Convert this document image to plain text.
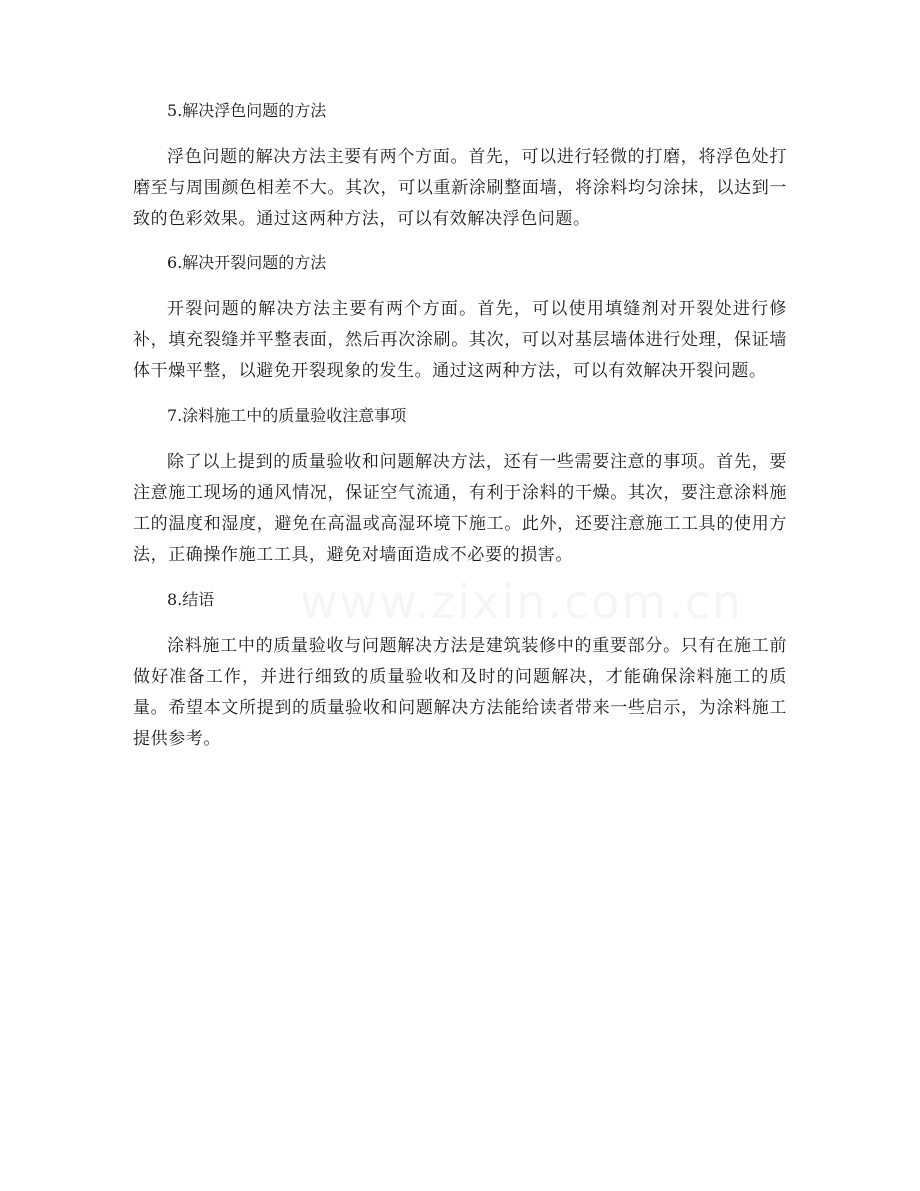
5.解决浮色问题的方法

浮色问题的解决方法主要有两个方面。首先，可以进行轻微的打磨，将浮色处打磨至与周围颜色相差不大。其次，可以重新涂刷整面墙，将涂料均匀涂抹，以达到一致的色彩效果。通过这两种方法，可以有效解决浮色问题。

6.解决开裂问题的方法

开裂问题的解决方法主要有两个方面。首先，可以使用填缝剂对开裂处进行修补，填充裂缝并平整表面，然后再次涂刷。其次，可以对基层墙体进行处理，保证墙体干燥平整，以避免开裂现象的发生。通过这两种方法，可以有效解决开裂问题。

7.涂料施工中的质量验收注意事项

除了以上提到的质量验收和问题解决方法，还有一些需要注意的事项。首先，要注意施工现场的通风情况，保证空气流通，有利于涂料的干燥。其次，要注意涂料施工的温度和湿度，避免在高温或高湿环境下施工。此外，还要注意施工工具的使用方法，正确操作施工工具，避免对墙面造成不必要的损害。

8.结语

涂料施工中的质量验收与问题解决方法是建筑装修中的重要部分。只有在施工前做好准备工作，并进行细致的质量验收和及时的问题解决，才能确保涂料施工的质量。希望本文所提到的质量验收和问题解决方法能给读者带来一些启示，为涂料施工提供参考。

www.zixin.com.cn
